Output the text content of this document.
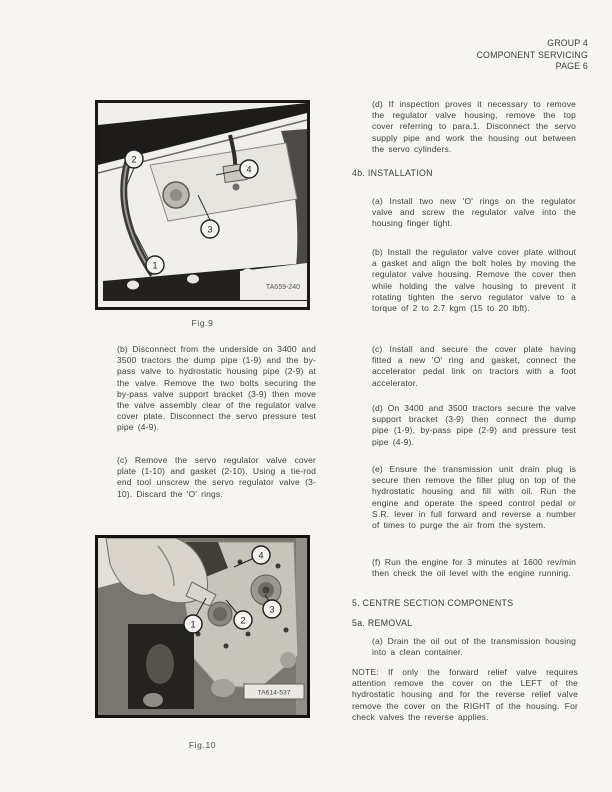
GROUP 4
COMPONENT SERVICING
PAGE 6
TA659-240
2
4
3
1
Fig.9
(b) Disconnect from the underside on 3400 and 3500 tractors the dump pipe (1-9) and the by-pass valve to hydrostatic housing pipe (2-9) at the valve. Remove the two bolts securing the by-pass valve support bracket (3-9) then move the valve assembly clear of the regulator valve cover plate. Disconnect the servo pressure test pipe (4-9).
(c) Remove the servo regulator valve cover plate (1-10) and gasket (2-10). Using a tie-rod end tool unscrew the servo regulator valve (3-10). Discard the 'O' rings.
TA614-537
4
3
2
1
Fig.10
(d) If inspection proves it necessary to remove the regulator valve housing, remove the top cover referring to para.1. Disconnect the servo supply pipe and work the housing out between the servo cylinders.
4b. INSTALLATION
(a) Install two new 'O' rings on the regulator valve and screw the regulator valve into the housing finger tight.
(b) Install the regulator valve cover plate without a gasket and align the bolt holes by moving the regulator valve housing. Remove the cover then while holding the valve housing to prevent it rotating tighten the servo regulator valve to a torque of 2 to 2.7 kgm (15 to 20 lbft).
(c) Install and secure the cover plate having fitted a new 'O' ring and gasket, connect the accelerator pedal link on tractors with a foot accelerator.
(d) On 3400 and 3500 tractors secure the valve support bracket (3-9) then connect the dump pipe (1-9), by-pass pipe (2-9) and pressure test pipe (4-9).
(e) Ensure the transmission unit drain plug is secure then remove the filler plug on top of the hydrostatic housing and fill with oil. Run the engine and operate the speed control pedal or S.R. lever in full forward and reverse a number of times to purge the air from the system.
(f) Run the engine for 3 minutes at 1600 rev/min then check the oil level with the engine running.
5. CENTRE SECTION COMPONENTS
5a. REMOVAL
(a) Drain the oil out of the transmission housing into a clean container.
NOTE: If only the forward relief valve requires attention remove the cover on the LEFT of the hydrostatic housing and for the reverse relief valve remove the cover on the RIGHT of the housing. For check valves the reverse applies.
